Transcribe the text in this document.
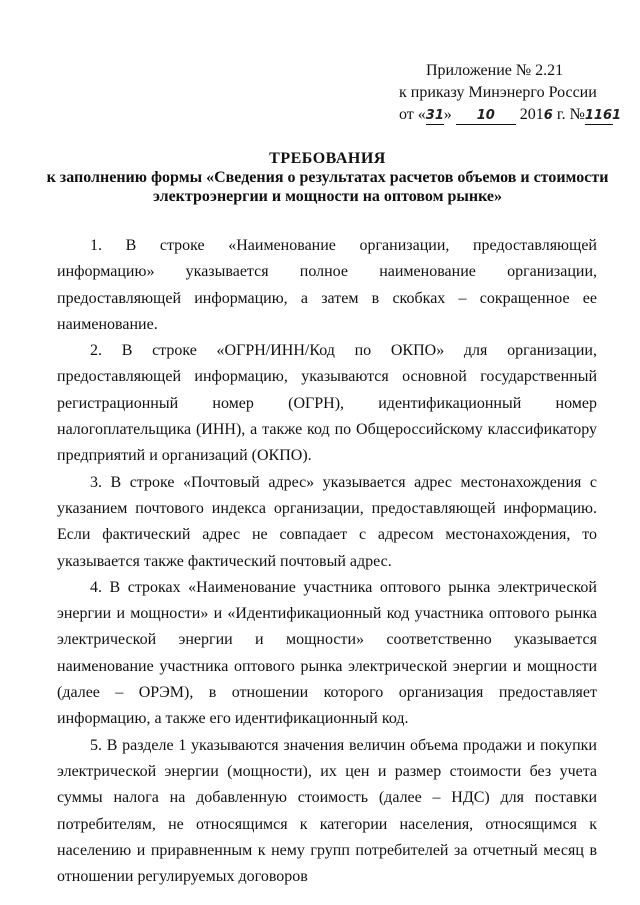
Приложение № 2.21
к приказу Минэнерго России
от «31» 10 2016 г. №1161
ТРЕБОВАНИЯ
к заполнению формы «Сведения о результатах расчетов объемов и стоимости
электроэнергии и мощности на оптовом рынке»

1. В строке «Наименование организации, предоставляющей информацию» указывается полное наименование организации, предоставляющей информацию, а затем в скобках – сокращенное ее наименование.

2. В строке «ОГРН/ИНН/Код по ОКПО» для организации, предоставляющей информацию, указываются основной государственный регистрационный номер (ОГРН), идентификационный номер налогоплательщика (ИНН), а также код по Общероссийскому классификатору предприятий и организаций (ОКПО).

3. В строке «Почтовый адрес» указывается адрес местонахождения с указанием почтового индекса организации, предоставляющей информацию. Если фактический адрес не совпадает с адресом местонахождения, то указывается также фактический почтовый адрес.

4. В строках «Наименование участника оптового рынка электрической энергии и мощности» и «Идентификационный код участника оптового рынка электрической энергии и мощности» соответственно указывается наименование участника оптового рынка электрической энергии и мощности (далее – ОРЭМ), в отношении которого организация предоставляет информацию, а также его идентификационный код.

5. В разделе 1 указываются значения величин объема продажи и покупки электрической энергии (мощности), их цен и размер стоимости без учета суммы налога на добавленную стоимость (далее – НДС) для поставки потребителям, не относящимся к категории населения, относящимся к населению и приравненным к нему групп потребителей за отчетный месяц в отношении регулируемых договоров
